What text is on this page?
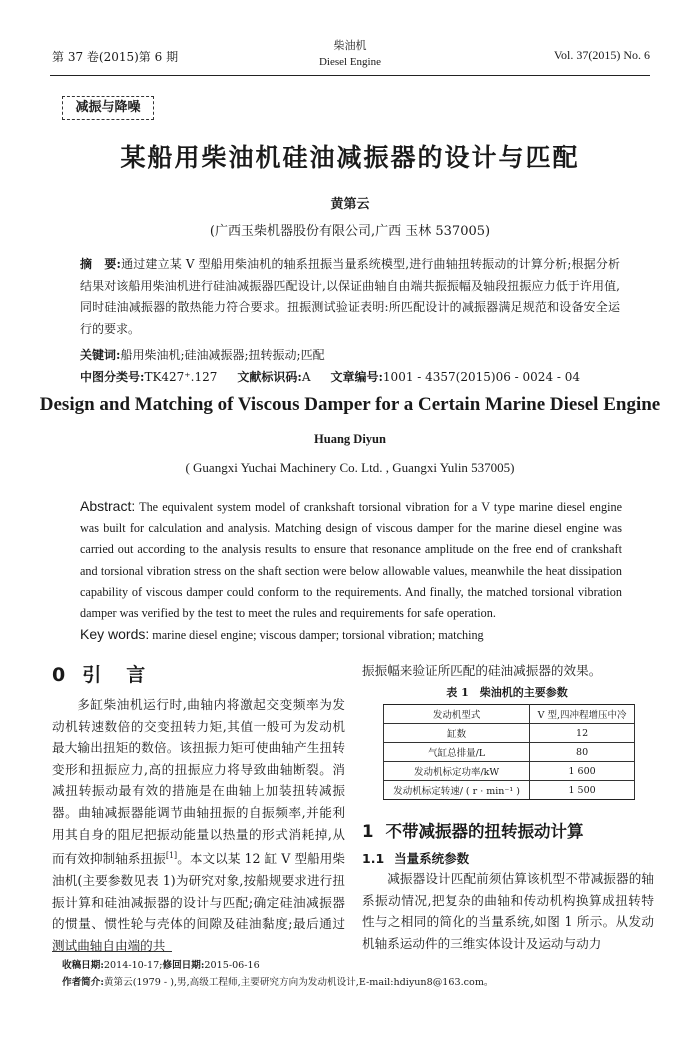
第 37 卷(2015)第 6 期
柴油机
Diesel Engine	Vol. 37(2015) No. 6
减振与降噪
某船用柴油机硅油减振器的设计与匹配
黄第云
(广西玉柴机器股份有限公司,广西 玉林 537005)
摘　要:通过建立某 V 型船用柴油机的轴系扭振当量系统模型,进行曲轴扭转振动的计算分析;根据分析结果对该船用柴油机进行硅油减振器匹配设计,以保证曲轴自由端共振振幅及轴段扭振应力低于许用值,同时硅油减振器的散热能力符合要求。扭振测试验证表明:所匹配设计的减振器满足规范和设备安全运行的要求。
关键词:船用柴油机;硅油减振器;扭转振动;匹配
中图分类号:TK427⁺.127 文献标识码:A 文章编号:1001 - 4357(2015)06 - 0024 - 04
Design and Matching of Viscous Damper for a Certain Marine Diesel Engine
Huang Diyun
( Guangxi Yuchai Machinery Co. Ltd. , Guangxi Yulin 537005)
Abstract: The equivalent system model of crankshaft torsional vibration for a V type marine diesel engine was built for calculation and analysis. Matching design of viscous damper for the marine diesel engine was carried out according to the analysis results to ensure that resonance amplitude on the free end of crankshaft and torsional vibration stress on the shaft section were below allowable values, meanwhile the heat dissipation capability of viscous damper could conform to the requirements. And finally, the matched torsional vibration damper was verified by the test to meet the rules and requirements for safe operation.
Key words: marine diesel engine; viscous damper; torsional vibration; matching
0 引　言
多缸柴油机运行时,曲轴内将激起交变频率为发动机转速数倍的交变扭转力矩,其值一般可为发动机最大输出扭矩的数倍。该扭振力矩可使曲轴产生扭转变形和扭振应力,高的扭振应力将导致曲轴断裂。消减扭转振动最有效的措施是在曲轴上加装扭转减振器。曲轴减振器能调节曲轴扭振的自振频率,并能利用其自身的阻尼把振动能量以热量的形式消耗掉,从而有效抑制轴系扭振[1]。本文以某 12 缸 V 型船用柴油机(主要参数见表 1)为研究对象,按船规要求进行扭振计算和硅油减振器的设计与匹配;确定硅油减振器的惯量、惯性轮与壳体的间隙及硅油黏度;最后通过测试曲轴自由端的共
振振幅来验证所匹配的硅油减振器的效果。
表 1　柴油机的主要参数
发动机型式	V 型,四冲程增压中冷
缸数	12
气缸总排量/L	80
发动机标定功率/kW	1 600
发动机标定转速/ ( r · min⁻¹ )	1 500
1 不带减振器的扭转振动计算
1.1 当量系统参数
减振器设计匹配前须估算该机型不带减振器的轴系振动情况,把复杂的曲轴和传动机构换算成扭转特性与之相同的简化的当量系统,如图 1 所示。从发动机轴系运动件的三维实体设计及运动与动力
收稿日期:2014-10-17;修回日期:2015-06-16
作者简介:黄第云(1979 - ),男,高级工程师,主要研究方向为发动机设计,E-mail:hdiyun8@163.com。
